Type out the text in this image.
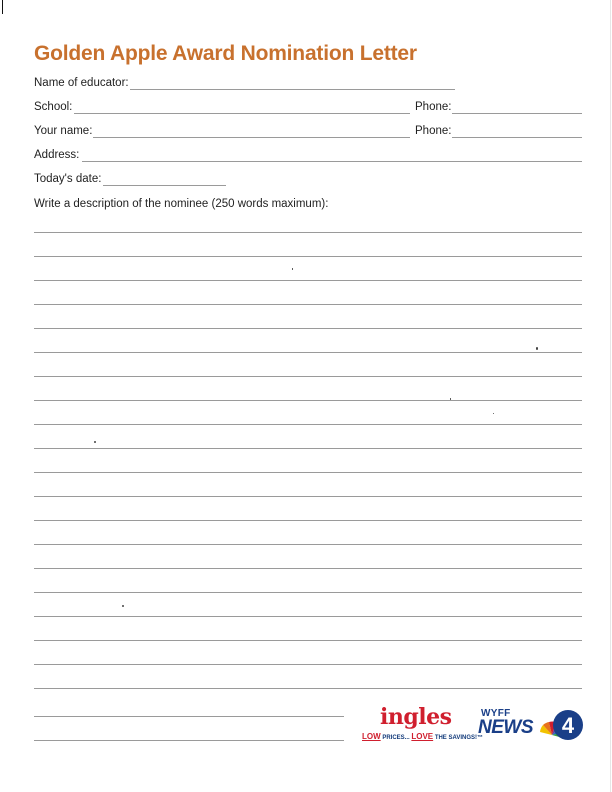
Golden Apple Award Nomination Letter
Name of educator:
School:	Phone:
Your name:	Phone:
Address:
Today's date:
Write a description of the nominee (250 words maximum):
ingles
LOW PRICES... LOVE THE SAVINGS!™
WYFF
NEWS 4
